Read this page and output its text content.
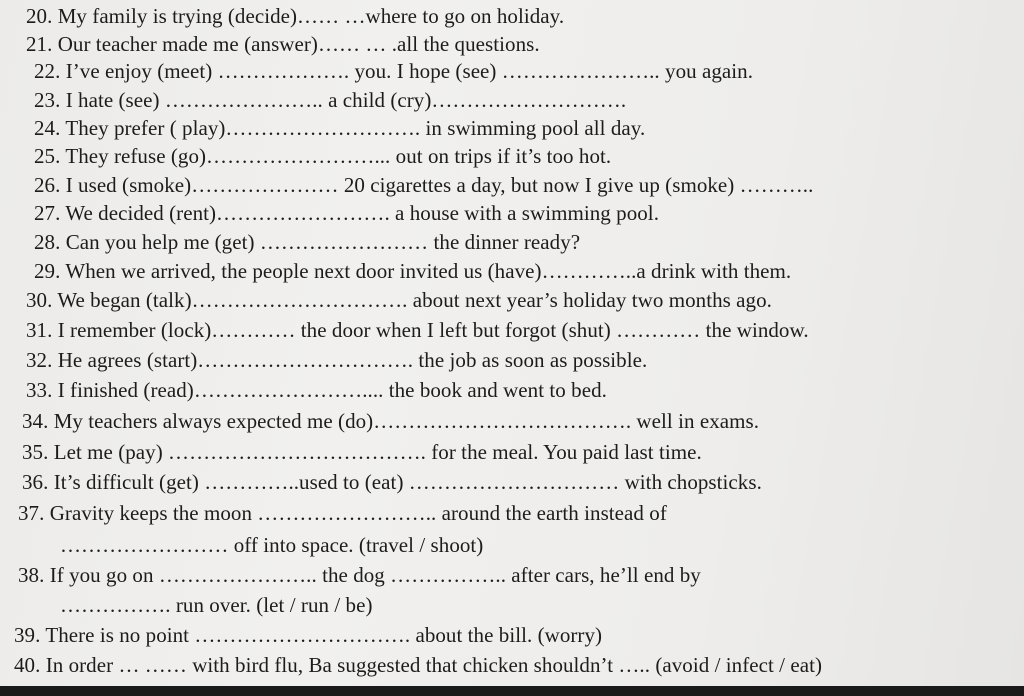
20. My family is trying (decide)…… …where to go on holiday.
21. Our teacher made me (answer)…… … .all the questions.
22. I’ve enjoy (meet) ………………. you. I hope (see) ………………….. you again.
23. I hate (see) ………………….. a child (cry)……………………….
24. They prefer ( play)………………………. in swimming pool all day.
25. They refuse (go)……………………... out on trips if it’s too hot.
26. I used (smoke)………………… 20 cigarettes a day, but now I give up (smoke) ………..
27. We decided (rent)……………………. a house with a swimming pool.
28. Can you help me (get) …………………… the dinner ready?
29. When we arrived, the people next door invited us (have)…………..a drink with them.
30. We began (talk)…………………………. about next year’s holiday two months ago.
31. I remember (lock)………… the door when I left but forgot (shut) ………… the window.
32. He agrees (start)…………………………. the job as soon as possible.
33. I finished (read)…………………….... the book and went to bed.
34. My teachers always expected me (do)………………………………. well in exams.
35. Let me (pay) ………………………………. for the meal. You paid last time.
36. It’s difficult (get) …………..used to (eat) ………………………… with chopsticks.
37. Gravity keeps the moon …………………….. around the earth instead of
…………………… off into space. (travel / shoot)
38. If you go on ………………….. the dog …………….. after cars, he’ll end by
……………. run over. (let / run / be)
39. There is no point …………………………. about the bill. (worry)
40. In order … …… with bird flu, Ba suggested that chicken shouldn’t ….. (avoid / infect / eat)
